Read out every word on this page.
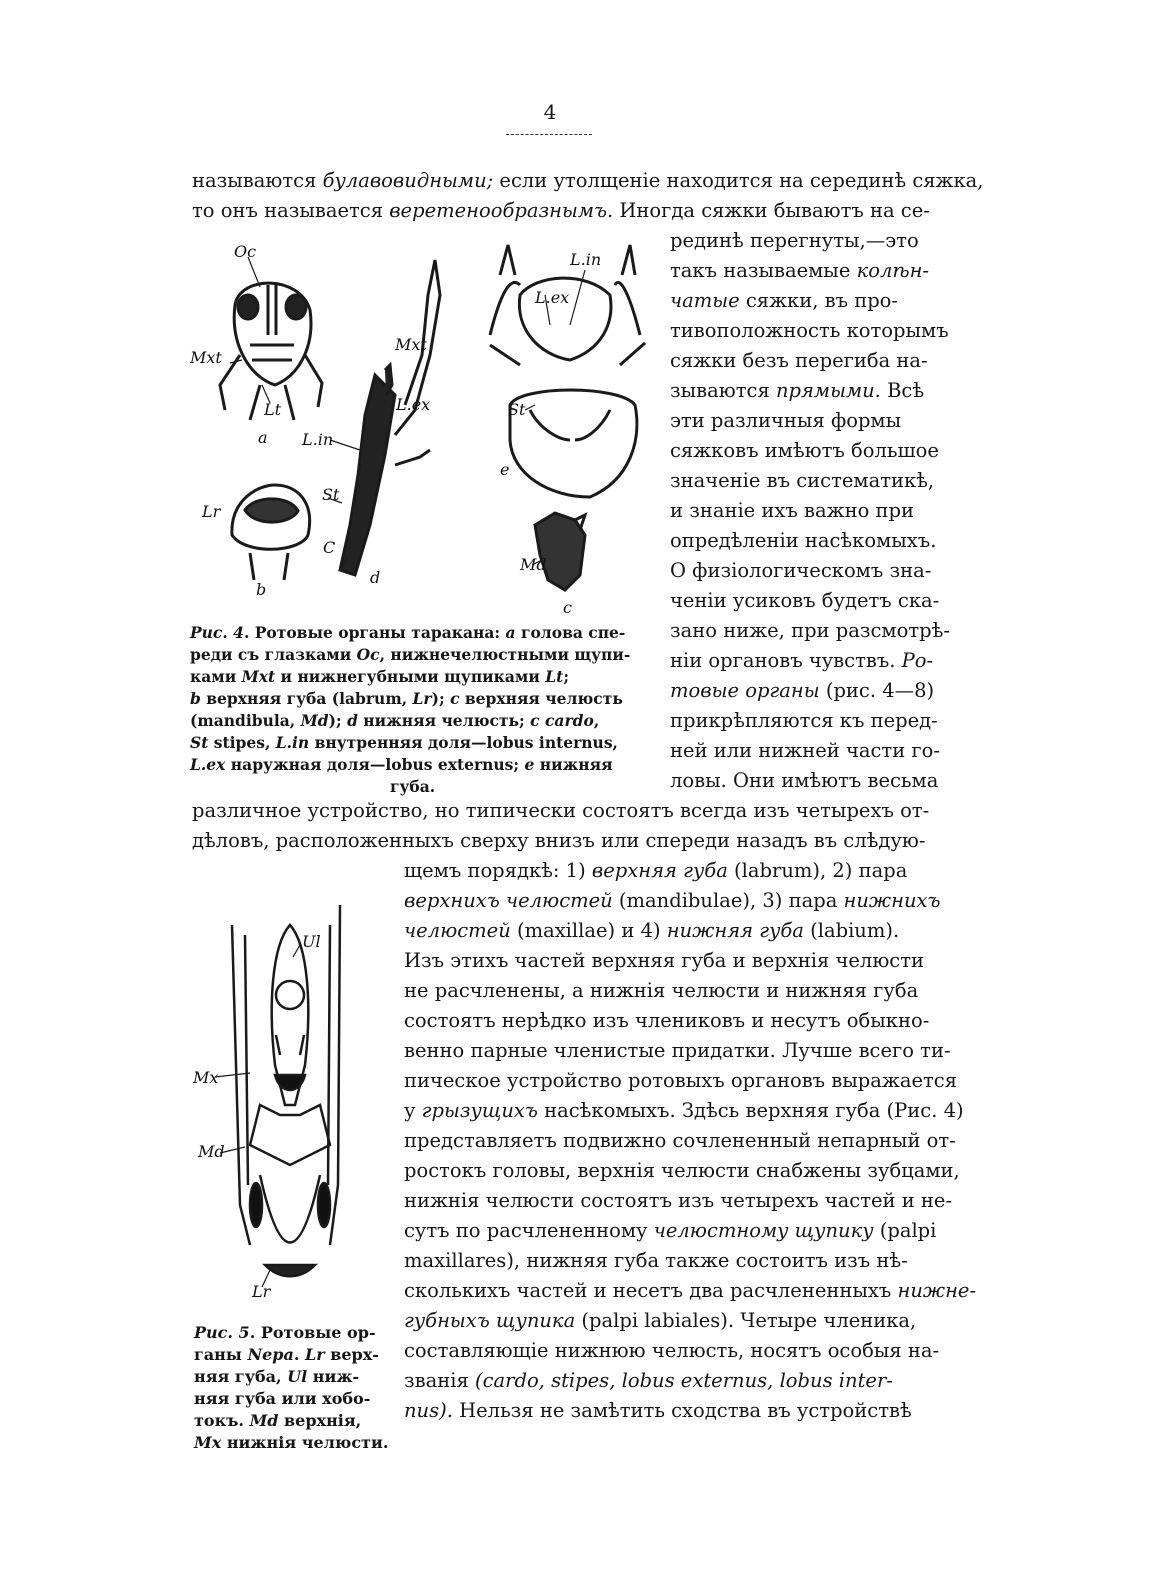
4
называются булавовидными; если утолщеніе находится на серединѣ сяжка,
то онъ называется веретенообразнымъ. Иногда сяжки бываютъ на се-
рединѣ перегнуты,—это
такъ называемые колѣн-
чатые сяжки, въ про-
тивоположность которымъ
сяжки безъ перегиба на-
зываются прямыми. Всѣ
эти различныя формы
сяжковъ имѣютъ большое
значеніе въ систематикѣ,
и знаніе ихъ важно при
опредѣленіи насѣкомыхъ.
О физіологическомъ зна-
ченіи усиковъ будетъ ска-
зано ниже, при разсмотрѣ-
ніи органовъ чувствъ. Ро-
товые органы (рис. 4—8)
прикрѣпляются къ перед-
ней или нижней части го-
ловы. Они имѣютъ весьма
различное устройство, но типически состоятъ всегда изъ четырехъ от-
дѣловъ, расположенныхъ сверху внизъ или спереди назадъ въ слѣдую-
щемъ порядкѣ: 1) верхняя губа (labrum), 2) пара
верхнихъ челюстей (mandibulae), 3) пара нижнихъ
челюстей (maxillae) и 4) нижняя губа (labium).
Изъ этихъ частей верхняя губа и верхнія челюсти
не расчленены, а нижнія челюсти и нижняя губа
состоятъ нерѣдко изъ члениковъ и несутъ обыкно-
венно парные членистые придатки. Лучше всего ти-
пическое устройство ротовыхъ органовъ выражается
у грызущихъ насѣкомыхъ. Здѣсь верхняя губа (Рис. 4)
представляетъ подвижно сочлененный непарный от-
ростокъ головы, верхнія челюсти снабжены зубцами,
нижнія челюсти состоятъ изъ четырехъ частей и не-
сутъ по расчлененному челюстному щупику (palpi
maxillares), нижняя губа также состоитъ изъ нѣ-
сколькихъ частей и несетъ два расчлененныхъ нижне-
губныхъ щупика (palpi labiales). Четыре членика,
составляющіе нижнюю челюсть, носятъ особыя на-
званія (cardo, stipes, lobus externus, lobus inter-
nus). Нельзя не замѣтить сходства въ устройствѣ
Oc
Mxt
Lt
a
Lr
b
Mxt
L.ex
L.in
St
C
d
L.in
L.ex
St
e
Md
c
Рис. 4. Ротовые органы таракана: a голова спе-
реди съ глазками Oc, нижнечелюстными щупи-
ками Mxt и нижнегубными щупиками Lt;
b верхняя губа (labrum, Lr); c верхняя челюсть
(mandibula, Md); d нижняя челюсть; c cardo,
St stipes, L.in внутренняя доля—lobus internus,
L.ex наружная доля—lobus externus; e нижняя
губа.
Ul
Mx
Md
Lr
Рис. 5. Ротовые ор-
ганы Nepa. Lr верх-
няя губа, Ul ниж-
няя губа или хобо-
токъ. Md верхнія,
Mx нижнія челюсти.
